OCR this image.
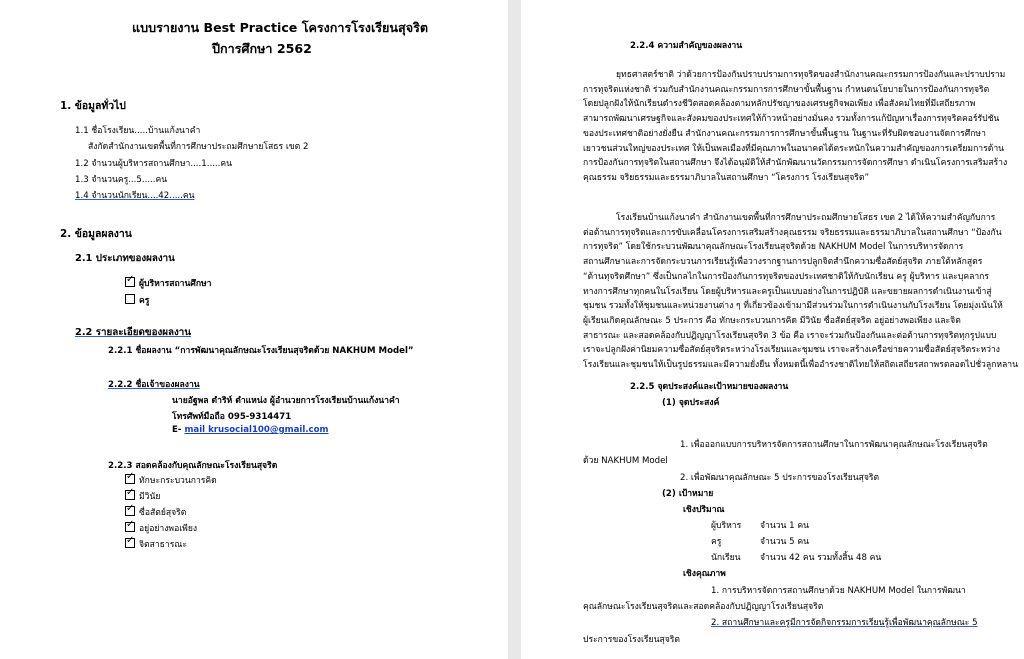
แบบรายงาน Best Practice โครงการโรงเรียนสุจริต
ปีการศึกษา 2562
1. ข้อมูลทั่วไป
1.1 ชื่อโรงเรียน.....บ้านแก้งนาคำ
สังกัดสำนักงานเขตพื้นที่การศึกษาประถมศึกษายโสธร เขต 2
1.2 จำนวนผู้บริหารสถานศึกษา....1.....คน
1.3 จำนวนครู...5.....คน
1.4 จำนวนนักเรียน....42.....คน
2. ข้อมูลผลงาน
2.1 ประเภทของผลงาน
✓ผู้บริหารสถานศึกษา
ครู
2.2 รายละเอียดของผลงาน
2.2.1 ชื่อผลงาน “การพัฒนาคุณลักษณะโรงเรียนสุจริตด้วย NAKHUM Model”
2.2.2 ชื่อเจ้าของผลงาน
นายอัฐพล ดำริห์ ตำแหน่ง ผู้อำนวยการโรงเรียนบ้านแก้งนาคำ
โทรศัพท์มือถือ 095-9314471
E- mail krusocial100@gmail.com
2.2.3 สอดคล้องกับคุณลักษณะโรงเรียนสุจริต
✓ทักษะกระบวนการคิด
✓มีวินัย
✓ซื่อสัตย์สุจริต
✓อยู่อย่างพอเพียง
✓จิตสาธารณะ
2.2.4 ความสำคัญของผลงาน
ยุทธศาสตร์ชาติ ว่าด้วยการป้องกันปราบปรามการทุจริตของสำนักงานคณะกรรมการป้องกันและปราบปราม
การทุจริตแห่งชาติ ร่วมกับสำนักงานคณะกรรมการการศึกษาขั้นพื้นฐาน กำหนดนโยบายในการป้องกันการทุจริต
โดยปลูกฝังให้นักเรียนดำรงชีวิตสอดคล้องตามหลักปรัชญาของเศรษฐกิจพอเพียง เพื่อสังคมไทยที่มีเสถียรภาพ
สามารถพัฒนาเศรษฐกิจและสังคมของประเทศให้ก้าวหน้าอย่างมั่นคง รวมทั้งการแก้ปัญหาเรื่องการทุจริตคอร์รัปชัน
ของประเทศชาติอย่างยั่งยืน สำนักงานคณะกรรมการการศึกษาขั้นพื้นฐาน ในฐานะที่รับผิดชอบงานจัดการศึกษา
เยาวชนส่วนใหญ่ของประเทศ ให้เป็นพลเมืองที่มีคุณภาพในอนาคตได้ตระหนักในความสำคัญของการเตรียมการด้าน
การป้องกันการทุจริตในสถานศึกษา จึงได้อนุมัติให้สำนักพัฒนานวัตกรรมการจัดการศึกษา ดำเนินโครงการเสริมสร้าง
คุณธรรม จริยธรรมและธรรมาภิบาลในสถานศึกษา “โครงการ โรงเรียนสุจริต”
โรงเรียนบ้านแก้งนาคำ สำนักงานเขตพื้นที่การศึกษาประถมศึกษายโสธร เขต 2 ได้ให้ความสำคัญกับการ
ต่อต้านการทุจริตและการขับเคลื่อนโครงการเสริมสร้างคุณธรรม จริยธรรมและธรรมาภิบาลในสถานศึกษา “ป้องกัน
การทุจริต” โดยใช้กระบวนพัฒนาคุณลักษณะโรงเรียนสุจริตด้วย NAKHUM Model ในการบริหารจัดการ
สถานศึกษาและการจัดกระบวนการเรียนรู้เพื่อวางรากฐานการปลูกจิตสำนึกความซื่อสัตย์สุจริต ภายใต้หลักสูตร
“ต้านทุจริตศึกษา” ซึ่งเป็นกลไกในการป้องกันการทุจริตของประเทศชาติให้กับนักเรียน ครู ผู้บริหาร และบุคลากร
ทางการศึกษาทุกคนในโรงเรียน โดยผู้บริหารและครูเป็นแบบอย่างในการปฏิบัติ และขยายผลการดำเนินงานเข้าสู่
ชุมชน รวมทั้งให้ชุมชนและหน่วยงานต่าง ๆ ที่เกี่ยวข้องเข้ามามีส่วนร่วมในการดำเนินงานกับโรงเรียน โดยมุ่งเน้นให้
ผู้เรียนเกิดคุณลักษณะ 5 ประการ คือ ทักษะกระบวนการคิด มีวินัย ซื่อสัตย์สุจริต อยู่อย่างพอเพียง และจิต
สาธารณะ และสอดคล้องกับปฏิญญาโรงเรียนสุจริต 3 ข้อ คือ เราจะร่วมกันป้องกันและต่อต้านการทุจริตทุกรูปแบบ
เราจะปลูกฝังค่านิยมความซื่อสัตย์สุจริตระหว่างโรงเรียนและชุมชน เราจะสร้างเครือข่ายความซื่อสัตย์สุจริตระหว่าง
โรงเรียนและชุมชนให้เป็นรูปธรรมและมีความยั่งยืน ทั้งหมดนี้เพื่ออำรงชาติไทยให้สถิตเสถียรสถาพรตลอดไปชั่วลูกหลาน
2.2.5 จุดประสงค์และเป้าหมายของผลงาน
(1) จุดประสงค์
1. เพื่อออกแบบการบริหารจัดการสถานศึกษาในการพัฒนาคุณลักษณะโรงเรียนสุจริต
ด้วย NAKHUM Model
2. เพื่อพัฒนาคุณลักษณะ 5 ประการของโรงเรียนสุจริต
(2) เป้าหมาย
เชิงปริมาณ
ผู้บริหาร จำนวน 1 คน
ครู	จำนวน 5 คน
นักเรียน จำนวน 42 คน รวมทั้งสิ้น 48 คน
เชิงคุณภาพ
1. การบริหารจัดการสถานศึกษาด้วย NAKHUM Model ในการพัฒนา
คุณลักษณะโรงเรียนสุจริตและสอดคล้องกับปฏิญญาโรงเรียนสุจริต
2. สถานศึกษาและครูมีการจัดกิจกรรมการเรียนรู้เพื่อพัฒนาคุณลักษณะ 5
ประการของโรงเรียนสุจริต
